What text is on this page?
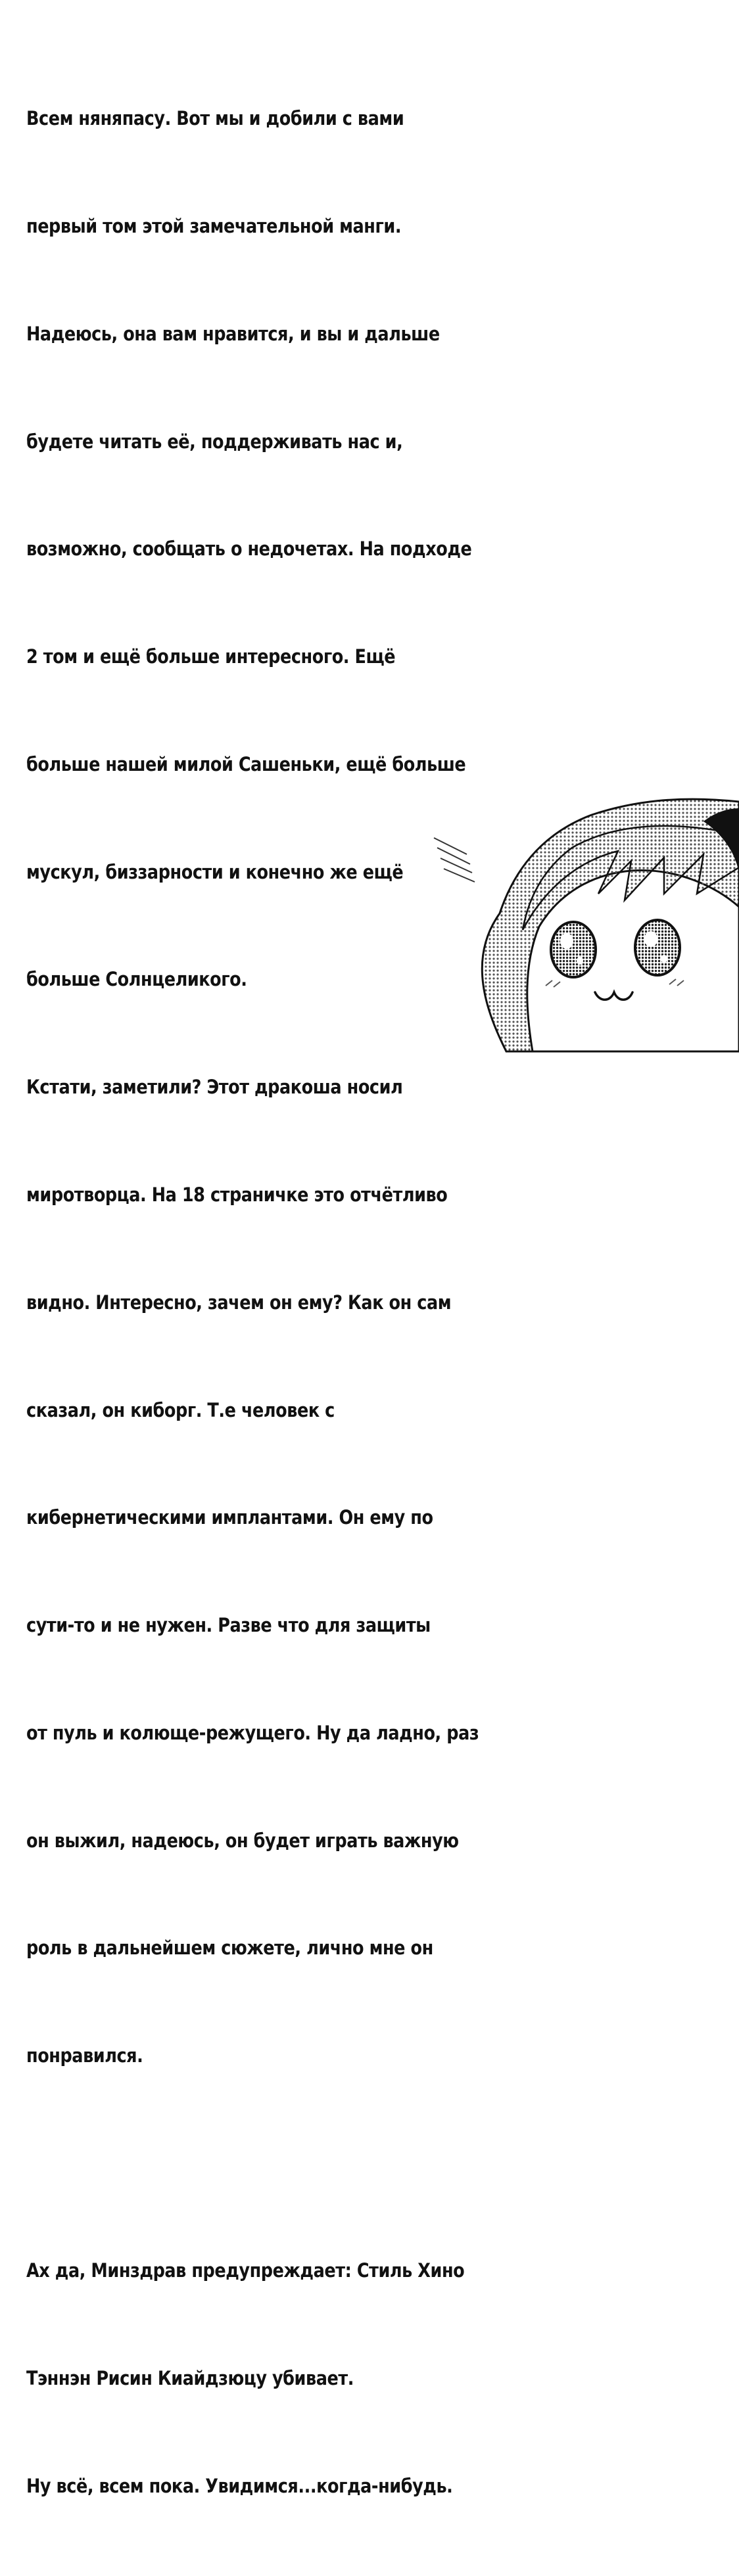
Всем няняпасу. Вот мы и добили с вами

первый том этой замечательной манги.

Надеюсь, она вам нравится, и вы и дальше

будете читать её, поддерживать нас и,

возможно, сообщать о недочетах. На подходе

2 том и ещё больше интересного. Ещё

больше нашей милой Сашеньки, ещё больше

мускул, биззарности и конечно же ещё

больше Солнцеликого.

Кстати, заметили? Этот дракоша носил

миротворца. На 18 страничке это отчётливо

видно. Интересно, зачем он ему? Как он сам

сказал, он киборг. Т.е человек с

кибернетическими имплантами. Он ему по

сути-то и не нужен. Разве что для защиты

от пуль и колюще-режущего. Ну да ладно, раз

он выжил, надеюсь, он будет играть важную

роль в дальнейшем сюжете, лично мне он

понравился.

Ах да, Минздрав предупреждает: Стиль Хино

Тэннэн Рисин Киайдзюцу убивает.

Ну всё, всем пока. Увидимся...когда-нибудь.
